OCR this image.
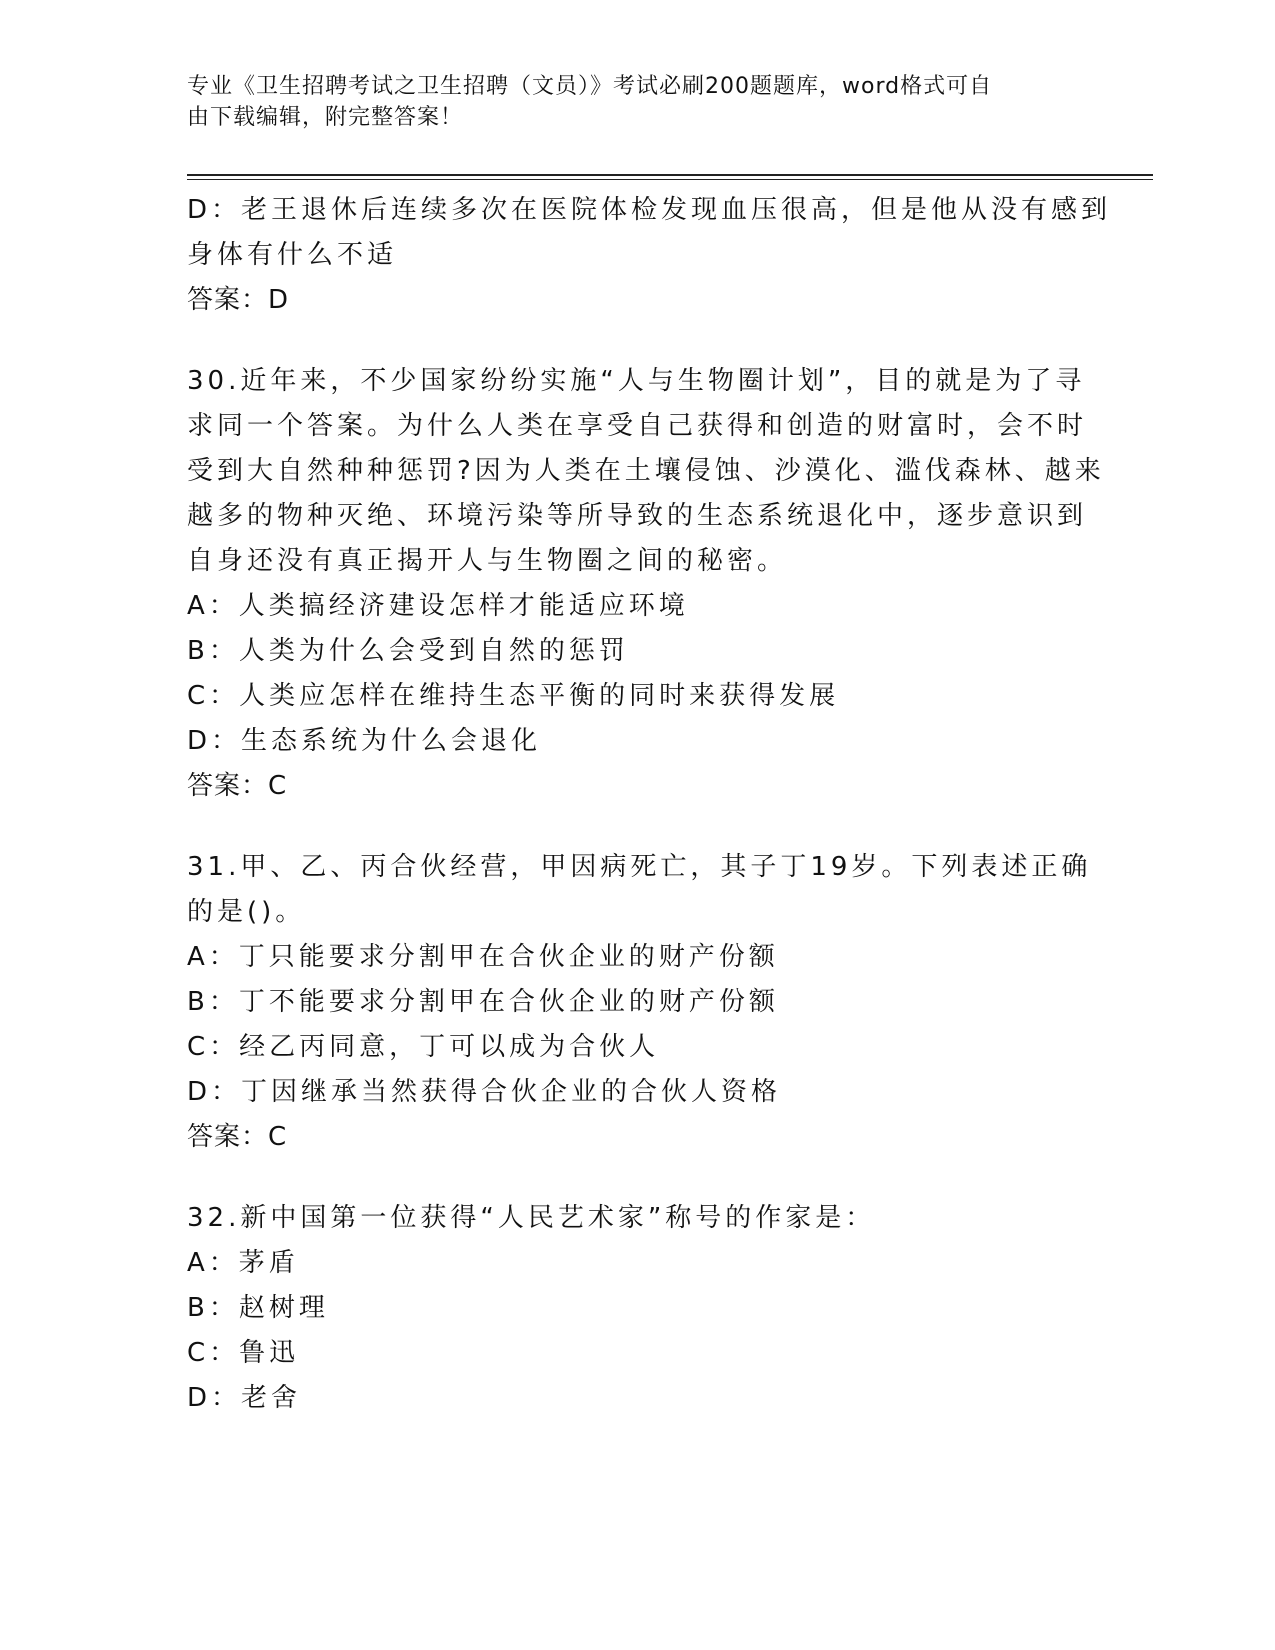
专业《卫生招聘考试之卫生招聘（文员）》考试必刷200题题库，word格式可自
由下载编辑，附完整答案！
D：老王退休后连续多次在医院体检发现血压很高，但是他从没有感到
身体有什么不适
答案：D
30.近年来，不少国家纷纷实施“人与生物圈计划”，目的就是为了寻
求同一个答案。为什么人类在享受自己获得和创造的财富时，会不时
受到大自然种种惩罚?因为人类在土壤侵蚀、沙漠化、滥伐森林、越来
越多的物种灭绝、环境污染等所导致的生态系统退化中，逐步意识到
自身还没有真正揭开人与生物圈之间的秘密。
A：人类搞经济建设怎样才能适应环境
B：人类为什么会受到自然的惩罚
C：人类应怎样在维持生态平衡的同时来获得发展
D：生态系统为什么会退化
答案：C
31.甲、乙、丙合伙经营，甲因病死亡，其子丁19岁。下列表述正确
的是()。
A：丁只能要求分割甲在合伙企业的财产份额
B：丁不能要求分割甲在合伙企业的财产份额
C：经乙丙同意，丁可以成为合伙人
D：丁因继承当然获得合伙企业的合伙人资格
答案：C
32.新中国第一位获得“人民艺术家”称号的作家是：
A：茅盾
B：赵树理
C：鲁迅
D：老舍
